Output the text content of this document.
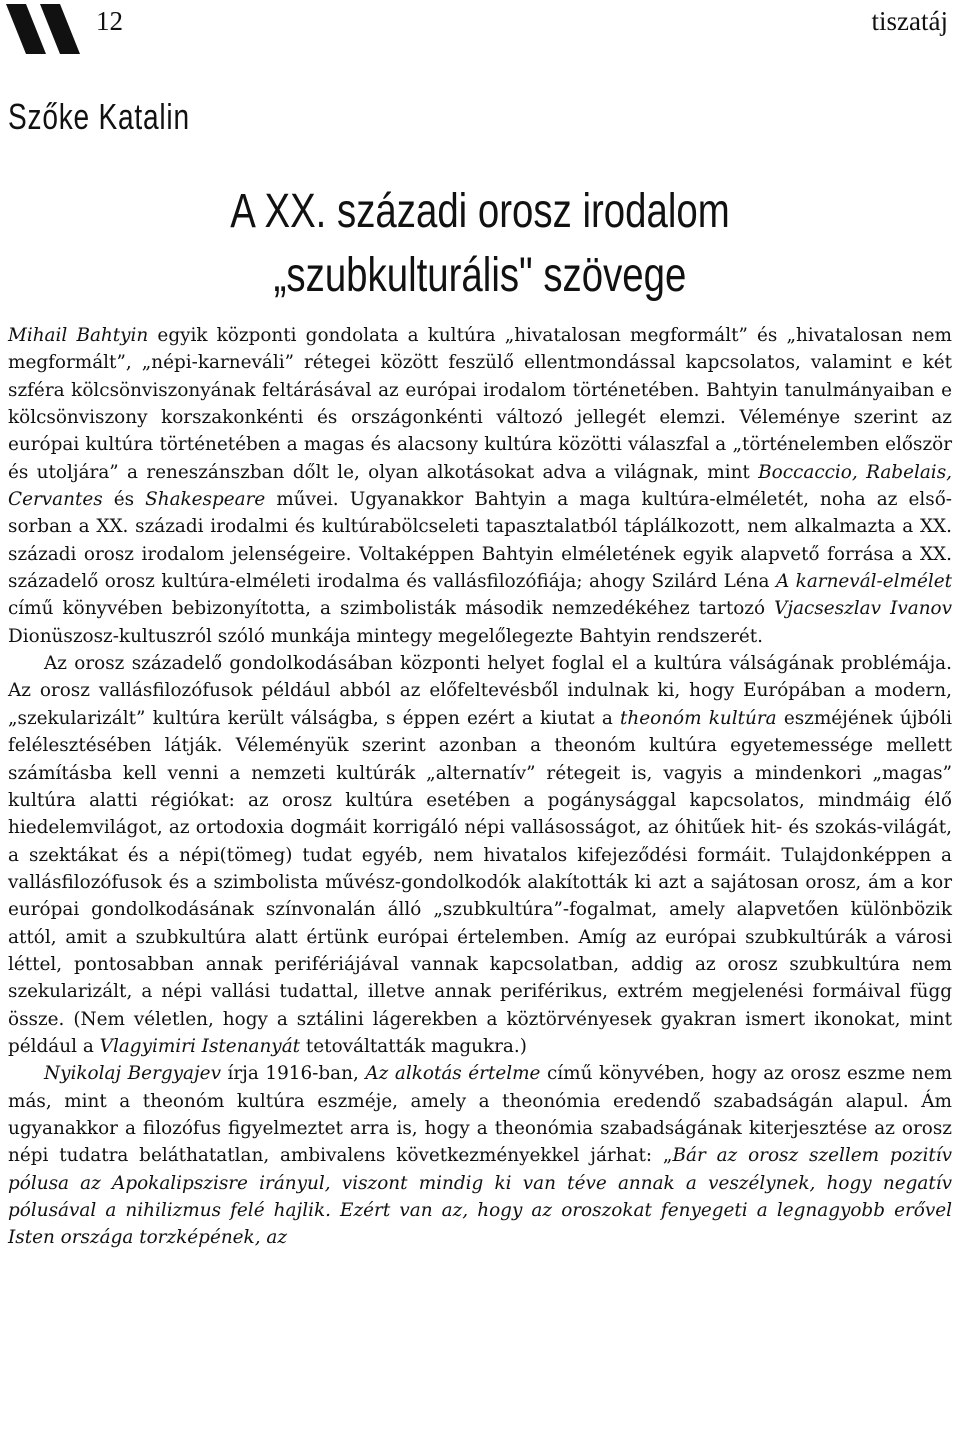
12	tiszatáj
Szőke Katalin
A XX. századi orosz irodalom
„szubkulturális" szövege

Mihail Bahtyin egyik központi gondolata a kultúra „hivatalosan megformált” és „hivatalosan nem megformált”, „népi-karneváli” rétegei között feszülő ellentmondással kapcsolatos, valamint e két szféra kölcsönviszonyának feltárásával az európai irodalom történetében. Bahtyin tanulmányaiban e kölcsönviszony korszakonkénti és országonkénti változó jellegét elemzi. Véleménye szerint az európai kultúra történetében a magas és alacsony kultúra közötti válaszfal a „történelemben először és utoljára” a reneszánszban dőlt le, olyan alkotásokat adva a világnak, mint Boccaccio, Rabelais, Cervantes és Shakespeare művei. Ugyanakkor Bahtyin a maga kultúra-elméletét, noha az elsősorban a XX. századi irodalmi és kultúrabölcseleti tapasztalatból táplálkozott, nem alkalmazta a XX. századi orosz irodalom jelenségeire. Voltaképpen Bahtyin elméletének egyik alapvető forrása a XX. századelő orosz kultúra-elméleti irodalma és vallásfilozófiája; ahogy Szilárd Léna A karnevál-elmélet című könyvében bebizonyította, a szimbolisták második nemzedékéhez tartozó Vjacseszlav Ivanov Dionüszosz-kultuszról szóló munkája mintegy megelőlegezte Bahtyin rendszerét.

Az orosz századelő gondolkodásában központi helyet foglal el a kultúra válságának problémája. Az orosz vallásfilozófusok például abból az előfeltevésből indulnak ki, hogy Európában a modern, „szekularizált” kultúra került válságba, s éppen ezért a kiutat a theonóm kultúra eszméjének újbóli felélesztésében látják. Véleményük szerint azonban a theonóm kultúra egyetemessége mellett számításba kell venni a nemzeti kultúrák „alternatív” rétegeit is, vagyis a mindenkori „magas” kultúra alatti régiókat: az orosz kultúra esetében a pogánysággal kapcsolatos, mindmáig élő hiedelemvilágot, az ortodoxia dogmáit korrigáló népi vallásosságot, az óhitűek hit- és szokás-világát, a szektákat és a népi(tömeg) tudat egyéb, nem hivatalos kifejeződési formáit. Tulajdonképpen a vallásfilozófusok és a szimbolista művész-gondolkodók alakították ki azt a sajátosan orosz, ám a kor európai gondolkodásának színvonalán álló „szubkultúra”-fogalmat, amely alapvetően különbözik attól, amit a szubkultúra alatt értünk európai értelemben. Amíg az európai szubkultúrák a városi léttel, pontosabban annak perifériájával vannak kapcsolatban, addig az orosz szubkultúra nem szekularizált, a népi vallási tudattal, illetve annak periférikus, extrém megjelenési formáival függ össze. (Nem véletlen, hogy a sztálini lágerekben a köztörvényesek gyakran ismert ikonokat, mint például a Vlagyimiri Istenanyát tetováltatták magukra.)

Nyikolaj Bergyajev írja 1916-ban, Az alkotás értelme című könyvében, hogy az orosz eszme nem más, mint a theonóm kultúra eszméje, amely a theonómia eredendő szabadságán alapul. Ám ugyanakkor a filozófus figyelmeztet arra is, hogy a theonómia szabadságának kiterjesztése az orosz népi tudatra beláthatatlan, ambivalens következményekkel járhat: „Bár az orosz szellem pozitív pólusa az Apokalipszisre irányul, viszont mindig ki van téve annak a veszélynek, hogy negatív pólusával a nihilizmus felé hajlik. Ezért van az, hogy az oroszokat fenyegeti a legnagyobb erővel Isten országa torzképének, az
